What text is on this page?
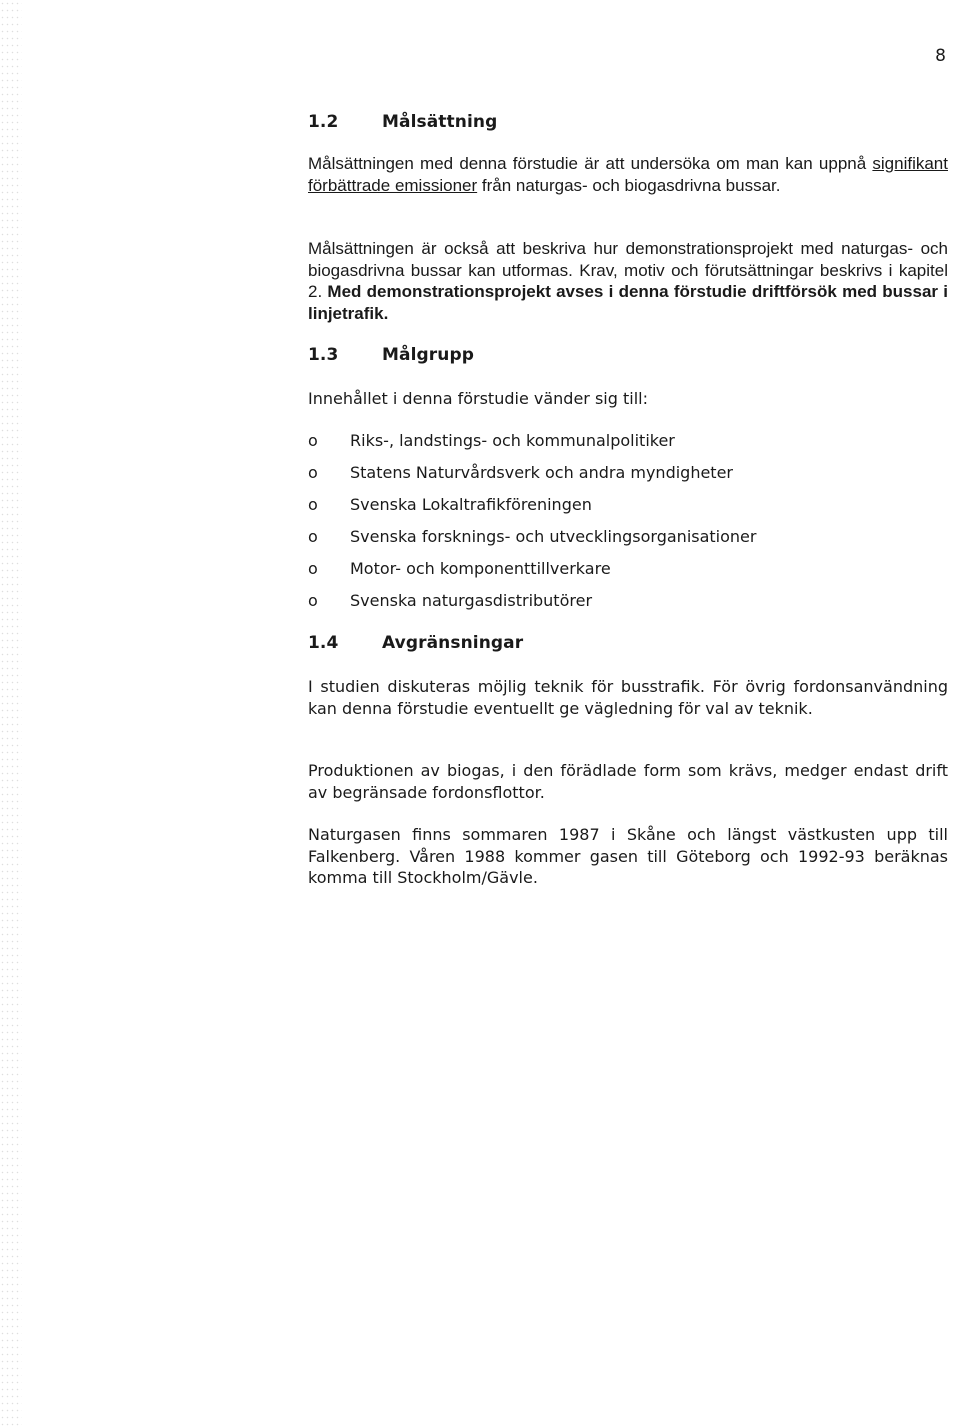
8
1.2	Målsättning

Målsättningen med denna förstudie är att undersöka om man kan uppnå signifikant förbättrade emissioner från naturgas- och biogasdrivna bussar.

Målsättningen är också att beskriva hur demonstrationsprojekt med naturgas- och biogasdrivna bussar kan utformas. Krav, motiv och förutsättningar beskrivs i kapitel 2. Med demonstrationsprojekt avses i denna förstudie driftförsök med bussar i linjetrafik.

1.3	Målgrupp

Innehållet i denna förstudie vänder sig till:

o	Riks-, landstings- och kommunalpolitiker
o	Statens Naturvårdsverk och andra myndigheter
o	Svenska Lokaltrafikföreningen
o	Svenska forsknings- och utvecklingsorganisationer
o	Motor- och komponenttillverkare
o	Svenska naturgasdistributörer
1.4	Avgränsningar

I studien diskuteras möjlig teknik för busstrafik. För övrig fordonsanvändning kan denna förstudie eventuellt ge vägledning för val av teknik.

Produktionen av biogas, i den förädlade form som krävs, medger endast drift av begränsade fordonsflottor.

Naturgasen finns sommaren 1987 i Skåne och längst västkusten upp till Falkenberg. Våren 1988 kommer gasen till Göteborg och 1992-93 beräknas komma till Stockholm/Gävle.
